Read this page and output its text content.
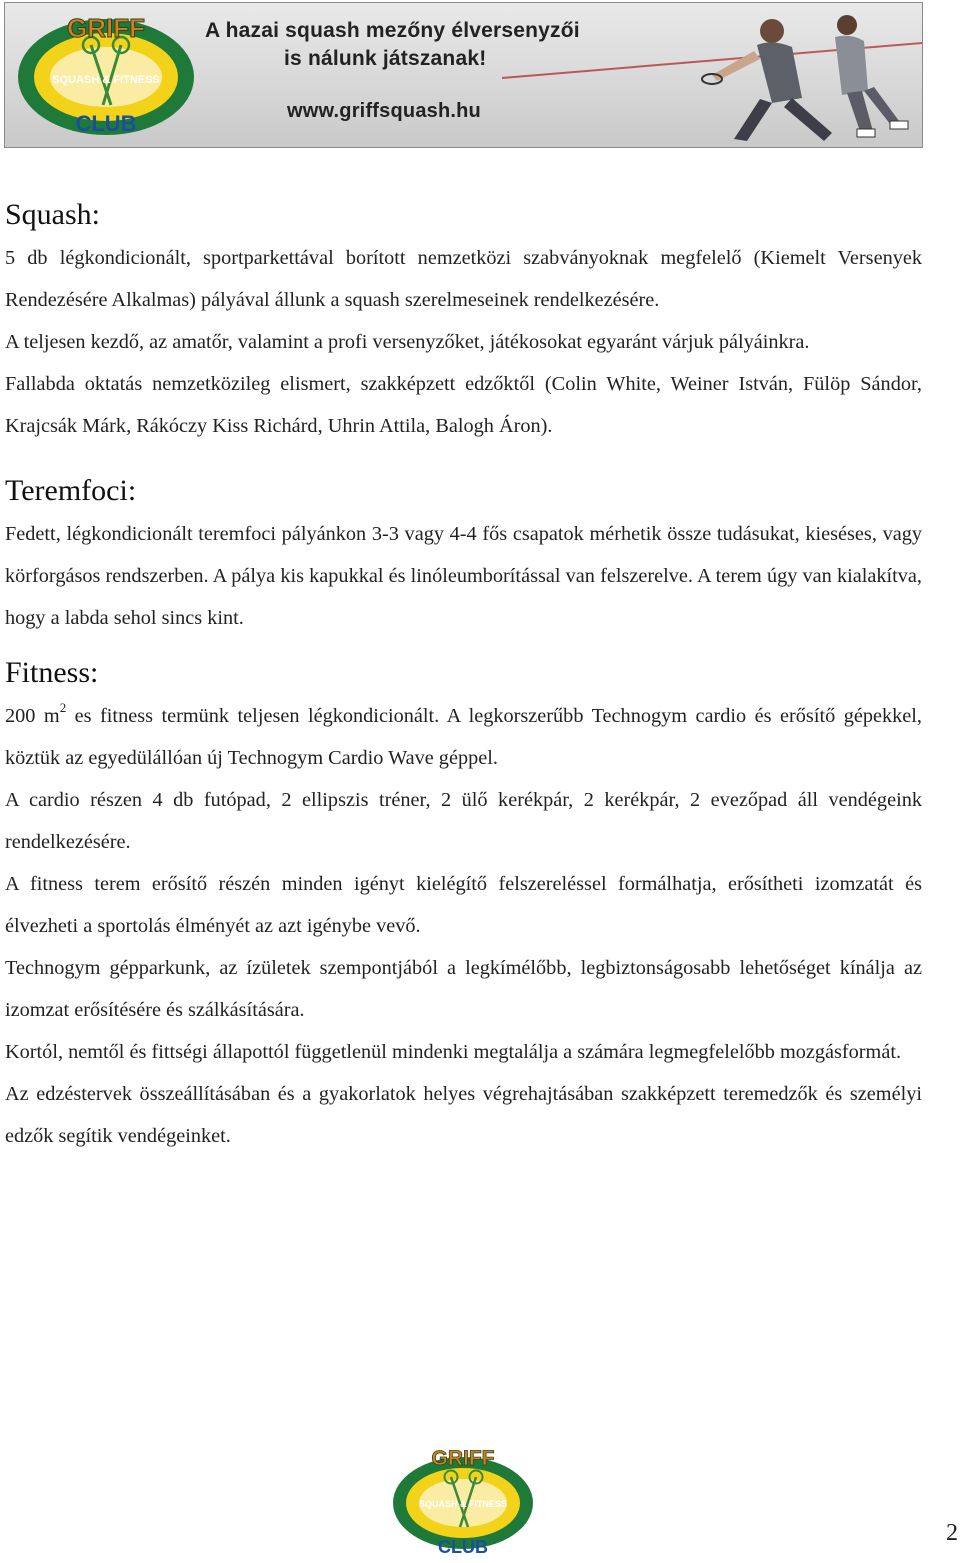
GRIFF
SQUASH & FITNESS
CLUB
A hazai squash mezőny élversenyzői
is nálunk játszanak!
www.griffsquash.hu
Squash:

5 db légkondicionált, sportparkettával borított nemzetközi szabványoknak megfelelő (Kiemelt Versenyek Rendezésére Alkalmas) pályával állunk a squash szerelmeseinek rendelkezésére.

A teljesen kezdő, az amatőr, valamint a profi versenyzőket, játékosokat egyaránt várjuk pályáinkra.

Fallabda oktatás nemzetközileg elismert, szakképzett edzőktől (Colin White, Weiner István, Fülöp Sándor, Krajcsák Márk, Rákóczy Kiss Richárd, Uhrin Attila, Balogh Áron).

Teremfoci:

Fedett, légkondicionált teremfoci pályánkon 3-3 vagy 4-4 fős csapatok mérhetik össze tudásukat, kieséses, vagy körforgásos rendszerben. A pálya kis kapukkal és linóleumborítással van felszerelve. A terem úgy van kialakítva, hogy a labda sehol sincs kint.

Fitness:

200 $m^2$ es fitness termünk teljesen légkondicionált. A legkorszerűbb Technogym cardio és erősítő gépekkel, köztük az egyedülállóan új Technogym Cardio Wave géppel.

A cardio részen 4 db futópad, 2 ellipszis tréner, 2 ülő kerékpár, 2 kerékpár, 2 evezőpad áll vendégeink rendelkezésére.

A fitness terem erősítő részén minden igényt kielégítő felszereléssel formálhatja, erősítheti izomzatát és élvezheti a sportolás élményét az azt igénybe vevő.

Technogym gépparkunk, az ízületek szempontjából a legkímélőbb, legbiztonságosabb lehetőséget kínálja az izomzat erősítésére és szálkásítására.

Kortól, nemtől és fittségi állapottól függetlenül mindenki megtalálja a számára legmegfelelőbb mozgásformát.

Az edzéstervek összeállításában és a gyakorlatok helyes végrehajtásában szakképzett teremedzők és személyi edzők segítik vendégeinket.

GRIFF
SQUASH & FITNESS
CLUB
2
